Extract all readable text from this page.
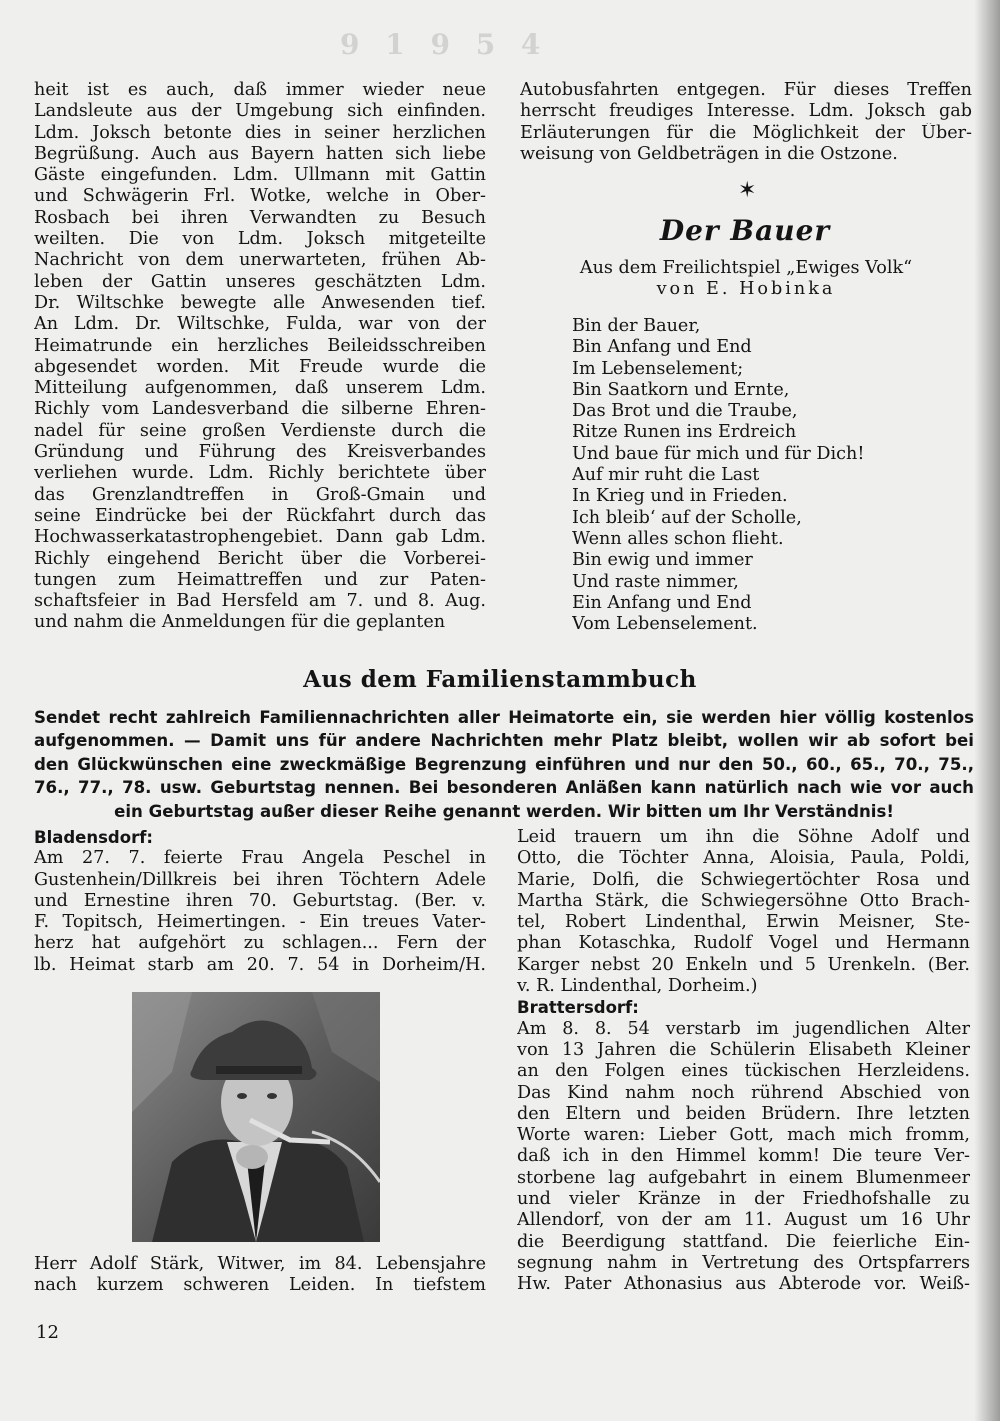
9 1 9 5 4
heit ist es auch, daß immer wieder neue
Landsleute aus der Umgebung sich einfinden.
Ldm. Joksch betonte dies in seiner herzlichen
Begrüßung. Auch aus Bayern hatten sich liebe
Gäste eingefunden. Ldm. Ullmann mit Gattin
und Schwägerin Frl. Wotke, welche in Ober-
Rosbach bei ihren Verwandten zu Besuch
weilten. Die von Ldm. Joksch mitgeteilte
Nachricht von dem unerwarteten, frühen Ab-
leben der Gattin unseres geschätzten Ldm.
Dr. Wiltschke bewegte alle Anwesenden tief.
An Ldm. Dr. Wiltschke, Fulda, war von der
Heimatrunde ein herzliches Beileidsschreiben
abgesendet worden. Mit Freude wurde die
Mitteilung aufgenommen, daß unserem Ldm.
Richly vom Landesverband die silberne Ehren-
nadel für seine großen Verdienste durch die
Gründung und Führung des Kreisverbandes
verliehen wurde. Ldm. Richly berichtete über
das Grenzlandtreffen in Groß-Gmain und
seine Eindrücke bei der Rückfahrt durch das
Hochwasserkatastrophengebiet. Dann gab Ldm.
Richly eingehend Bericht über die Vorberei-
tungen zum Heimattreffen und zur Paten-
schaftsfeier in Bad Hersfeld am 7. und 8. Aug.
und nahm die Anmeldungen für die geplanten
Autobusfahrten entgegen. Für dieses Treffen
herrscht freudiges Interesse. Ldm. Joksch gab
Erläuterungen für die Möglichkeit der Über-
weisung von Geldbeträgen in die Ostzone.
✶
Der Bauer
Aus dem Freilichtspiel „Ewiges Volk“
von E. Hobinka
Bin der Bauer,
Bin Anfang und End
Im Lebenselement;
Bin Saatkorn und Ernte,
Das Brot und die Traube,
Ritze Runen ins Erdreich
Und baue für mich und für Dich!
Auf mir ruht die Last
In Krieg und in Frieden.
Ich bleib‘ auf der Scholle,
Wenn alles schon flieht.
Bin ewig und immer
Und raste nimmer,
Ein Anfang und End
Vom Lebenselement.
Aus dem Familienstammbuch
Sendet recht zahlreich Familiennachrichten aller Heimatorte ein, sie werden hier völlig kostenlos
aufgenommen. — Damit uns für andere Nachrichten mehr Platz bleibt, wollen wir ab sofort bei
den Glückwünschen eine zweckmäßige Begrenzung einführen und nur den 50., 60., 65., 70., 75.,
76., 77., 78. usw. Geburtstag nennen. Bei besonderen Anläßen kann natürlich nach wie vor auch
ein Geburtstag außer dieser Reihe genannt werden. Wir bitten um Ihr Verständnis!
Bladensdorf:
Am 27. 7. feierte Frau Angela Peschel in
Gustenhein/Dillkreis bei ihren Töchtern Adele
und Ernestine ihren 70. Geburtstag. (Ber. v.
F. Topitsch, Heimertingen. - Ein treues Vater-
herz hat aufgehört zu schlagen... Fern der
lb. Heimat starb am 20. 7. 54 in Dorheim/H.
Herr Adolf Stärk, Witwer, im 84. Lebensjahre
nach kurzem schweren Leiden. In tiefstem
Leid trauern um ihn die Söhne Adolf und
Otto, die Töchter Anna, Aloisia, Paula, Poldi,
Marie, Dolfi, die Schwiegertöchter Rosa und
Martha Stärk, die Schwiegersöhne Otto Brach-
tel, Robert Lindenthal, Erwin Meisner, Ste-
phan Kotaschka, Rudolf Vogel und Hermann
Karger nebst 20 Enkeln und 5 Urenkeln. (Ber.
v. R. Lindenthal, Dorheim.)
Brattersdorf:
Am 8. 8. 54 verstarb im jugendlichen Alter
von 13 Jahren die Schülerin Elisabeth Kleiner
an den Folgen eines tückischen Herzleidens.
Das Kind nahm noch rührend Abschied von
den Eltern und beiden Brüdern. Ihre letzten
Worte waren: Lieber Gott, mach mich fromm,
daß ich in den Himmel komm! Die teure Ver-
storbene lag aufgebahrt in einem Blumenmeer
und vieler Kränze in der Friedhofshalle zu
Allendorf, von der am 11. August um 16 Uhr
die Beerdigung stattfand. Die feierliche Ein-
segnung nahm in Vertretung des Ortspfarrers
Hw. Pater Athonasius aus Abterode vor. Weiß-
12
